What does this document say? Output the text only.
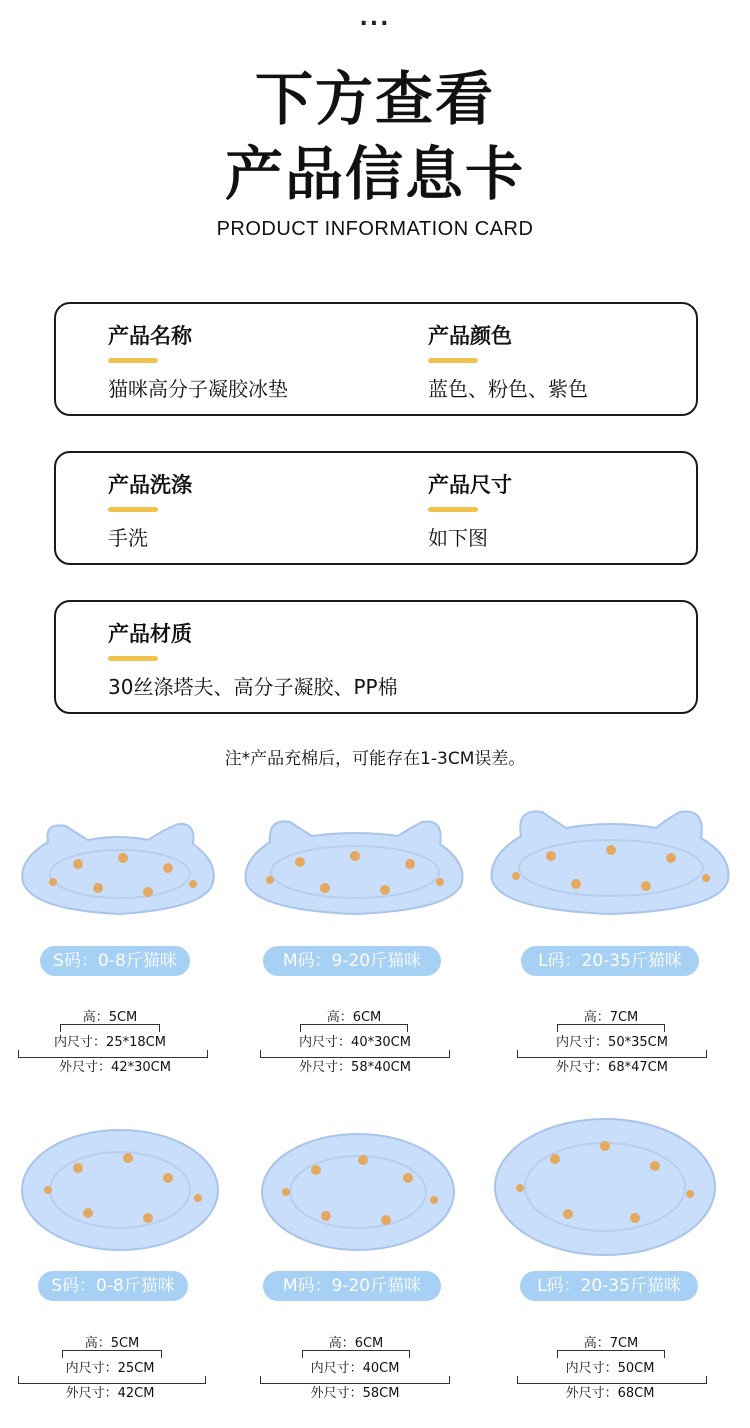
...
下方查看
产品信息卡
PRODUCT INFORMATION CARD
产品名称
猫咪高分子凝胶冰垫
产品颜色
蓝色、粉色、紫色
产品洗涤
手洗
产品尺寸
如下图
产品材质
30丝涤塔夫、高分子凝胶、PP棉
注*产品充棉后，可能存在1-3CM误差。
S码：0-8斤猫咪	M码：9-20斤猫咪	L码：20-35斤猫咪
高：5CM
内尺寸：25*18CM
外尺寸：42*30CM
高：6CM
内尺寸：40*30CM
外尺寸：58*40CM
高：7CM
内尺寸：50*35CM
外尺寸：68*47CM
S码：0-8斤猫咪	M码：9-20斤猫咪	L码：20-35斤猫咪
高：5CM
内尺寸：25CM
外尺寸：42CM
高：6CM
内尺寸：40CM
外尺寸：58CM
高：7CM
内尺寸：50CM
外尺寸：68CM
